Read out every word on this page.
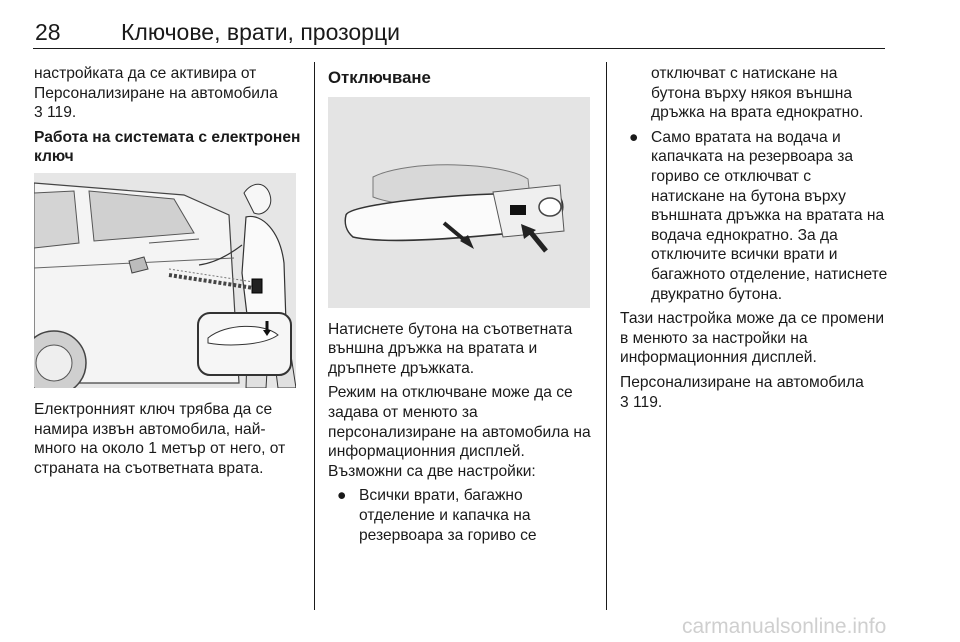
28	Ключове, врати, прозорци

настройката да се активира от Персонализиране на автомобила
3 119.

Работа на системата с електронен ключ

Електронният ключ трябва да се намира извън автомобила, най-много на около 1 метър от него, от страната на съответната врата.

Отключване

Натиснете бутона на съответната външна дръжка на вратата и дръпнете дръжката.

Режим на отключване може да се задава от менюто за персонализиране на автомобила на информационния дисплей. Възможни са две настройки:

● Всички врати, багажно отделение и капачка на резервоара за гориво се

отключват с натискане на бутона върху някоя външна дръжка на врата еднократно.

● Само вратата на водача и капачката на резервоара за гориво се отключват с натискане на бутона върху външната дръжка на вратата на водача еднократно. За да отключите всички врати и багажното отделение, натиснете двукратно бутона.

Тази настройка може да се промени в менюто за настройки на информационния дисплей.

Персонализиране на автомобила
3 119.

carmanualsonline.info
